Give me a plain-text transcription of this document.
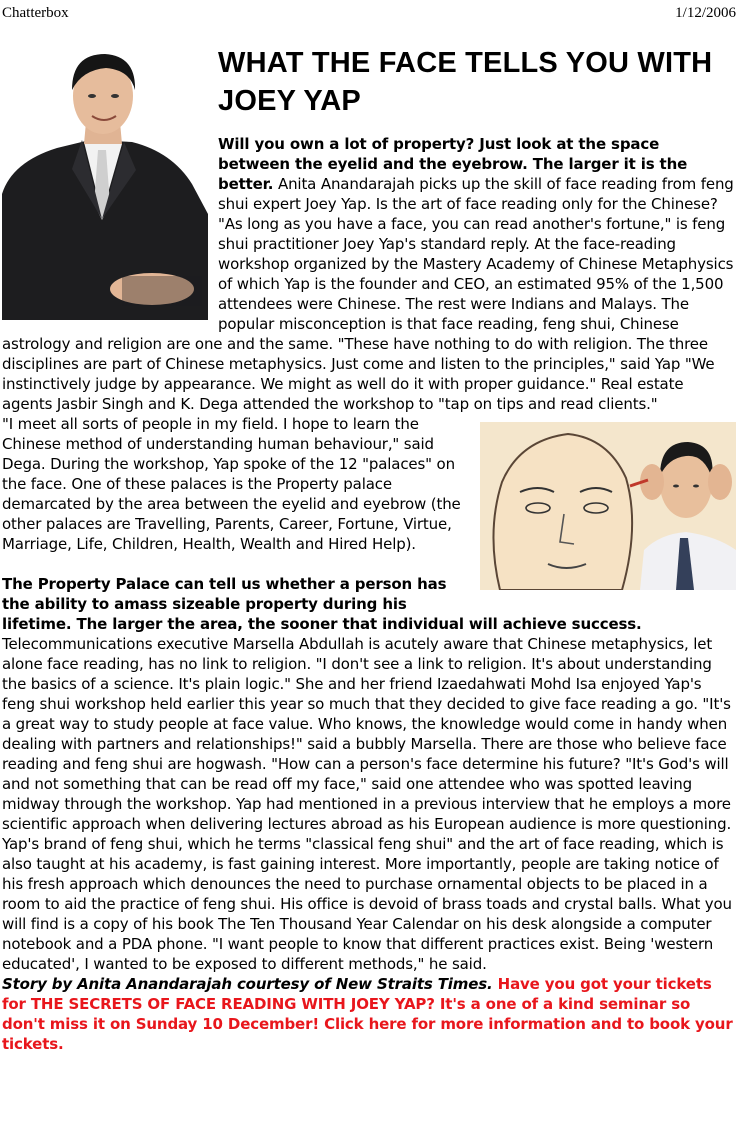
Chatterbox	1/12/2006
WHAT THE FACE TELLS YOU WITH JOEY YAP

Will you own a lot of property? Just look at the space between the eyelid and the eyebrow. The larger it is the better. Anita Anandarajah picks up the skill of face reading from feng shui expert Joey Yap. Is the art of face reading only for the Chinese? "As long as you have a face, you can read another's fortune," is feng shui practitioner Joey Yap's standard reply. At the face-reading workshop organized by the Mastery Academy of Chinese Metaphysics of which Yap is the founder and CEO, an estimated 95% of the 1,500 attendees were Chinese. The rest were Indians and Malays. The popular misconception is that face reading, feng shui, Chinese astrology and religion are one and the same. "These have nothing to do with religion. The three disciplines are part of Chinese metaphysics. Just come and listen to the principles," said Yap "We instinctively judge by appearance. We might as well do it with proper guidance." Real estate agents Jasbir Singh and K. Dega attended the workshop to "tap on tips and read clients."

"I meet all sorts of people in my field. I hope to learn the Chinese method of understanding human behaviour," said Dega. During the workshop, Yap spoke of the 12 "palaces" on the face. One of these palaces is the Property palace demarcated by the area between the eyelid and eyebrow (the other palaces are Travelling, Parents, Career, Fortune, Virtue, Marriage, Life, Children, Health, Wealth and Hired Help).

The Property Palace can tell us whether a person has the ability to amass sizeable property during his lifetime. The larger the area, the sooner that individual will achieve success. Telecommunications executive Marsella Abdullah is acutely aware that Chinese metaphysics, let alone face reading, has no link to religion. "I don't see a link to religion. It's about understanding the basics of a science. It's plain logic." She and her friend Izaedahwati Mohd Isa enjoyed Yap's feng shui workshop held earlier this year so much that they decided to give face reading a go. "It's a great way to study people at face value. Who knows, the knowledge would come in handy when dealing with partners and relationships!" said a bubbly Marsella. There are those who believe face reading and feng shui are hogwash. "How can a person's face determine his future? "It's God's will and not something that can be read off my face," said one attendee who was spotted leaving midway through the workshop. Yap had mentioned in a previous interview that he employs a more scientific approach when delivering lectures abroad as his European audience is more questioning. Yap's brand of feng shui, which he terms "classical feng shui" and the art of face reading, which is also taught at his academy, is fast gaining interest. More importantly, people are taking notice of his fresh approach which denounces the need to purchase ornamental objects to be placed in a room to aid the practice of feng shui. His office is devoid of brass toads and crystal balls. What you will find is a copy of his book The Ten Thousand Year Calendar on his desk alongside a computer notebook and a PDA phone. "I want people to know that different practices exist. Being 'western educated', I wanted to be exposed to different methods," he said.
Story by Anita Anandarajah courtesy of New Straits Times. Have you got your tickets for THE SECRETS OF FACE READING WITH JOEY YAP? It's a one of a kind seminar so don't miss it on Sunday 10 December! Click here for more information and to book your tickets.
